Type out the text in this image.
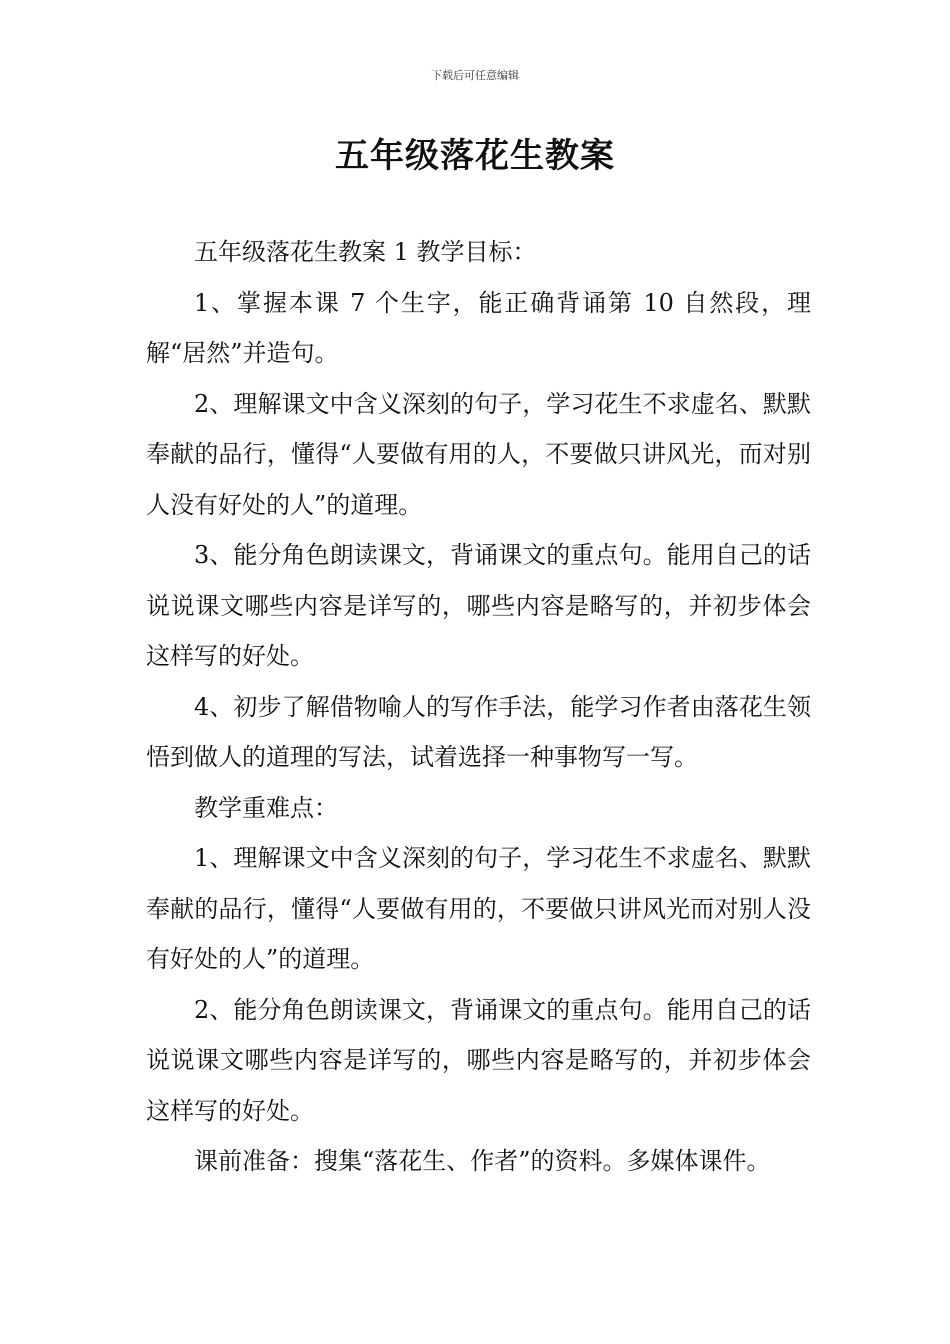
下载后可任意编辑
五年级落花生教案

五年级落花生教案 1 教学目标：

1、掌握本课 7 个生字，能正确背诵第 10 自然段，理解“居然”并造句。

2、理解课文中含义深刻的句子，学习花生不求虚名、默默奉献的品行，懂得“人要做有用的人，不要做只讲风光，而对别人没有好处的人”的道理。

3、能分角色朗读课文，背诵课文的重点句。能用自己的话说说课文哪些内容是详写的，哪些内容是略写的，并初步体会这样写的好处。

4、初步了解借物喻人的写作手法，能学习作者由落花生领悟到做人的道理的写法，试着选择一种事物写一写。

教学重难点：

1、理解课文中含义深刻的句子，学习花生不求虚名、默默奉献的品行，懂得“人要做有用的，不要做只讲风光而对别人没有好处的人”的道理。

2、能分角色朗读课文，背诵课文的重点句。能用自己的话说说课文哪些内容是详写的，哪些内容是略写的，并初步体会这样写的好处。

课前准备：搜集“落花生、作者”的资料。多媒体课件。
